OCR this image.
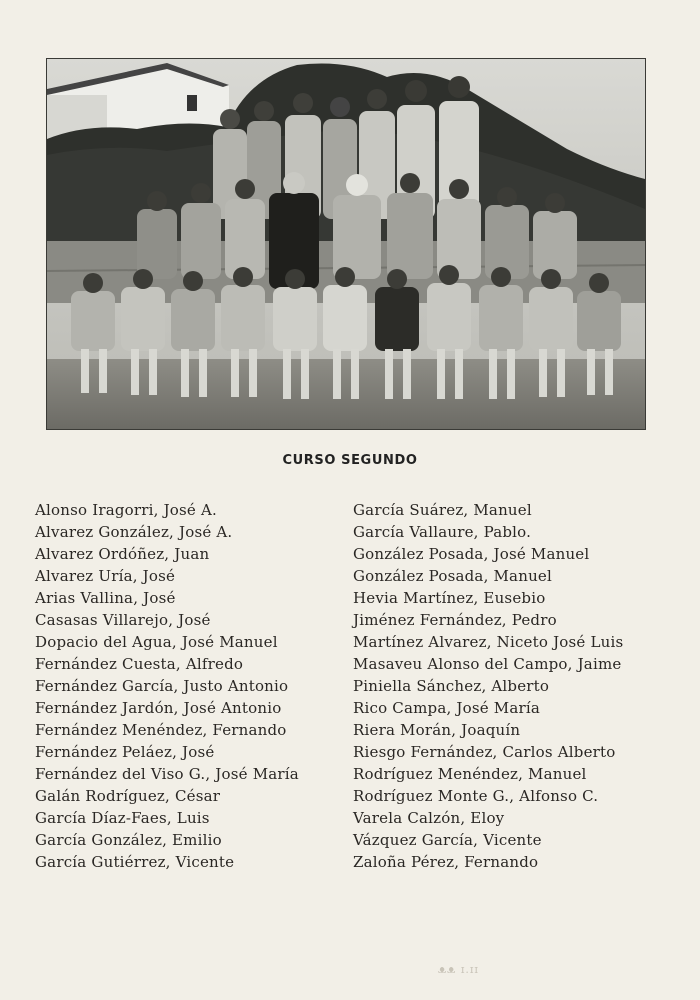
CURSO SEGUNDO
Alonso Iragorri, José A.
Alvarez González, José A.
Alvarez Ordóñez, Juan
Alvarez Uría, José
Arias Vallina, José
Casasas Villarejo, José
Dopacio del Agua, José Manuel
Fernández Cuesta, Alfredo
Fernández García, Justo Antonio
Fernández Jardón, José Antonio
Fernández Menéndez, Fernando
Fernández Peláez, José
Fernández del Viso G., José María
Galán Rodríguez, César
García Díaz-Faes, Luis
García González, Emilio
García Gutiérrez, Vicente
García Suárez, Manuel
García Vallaure, Pablo.
González Posada, José Manuel
González Posada, Manuel
Hevia Martínez, Eusebio
Jiménez Fernández, Pedro
Martínez Alvarez, Niceto José Luis
Masaveu Alonso del Campo, Jaime
Piniella Sánchez, Alberto
Rico Campa, José María
Riera Morán, Joaquín
Riesgo Fernández, Carlos Alberto
Rodríguez Menéndez, Manuel
Rodríguez Monte G., Alfonso C.
Varela Calzón, Eloy
Vázquez García, Vicente
Zaloña Pérez, Fernando
ᴥᴥ ɪ.ɪɪ
